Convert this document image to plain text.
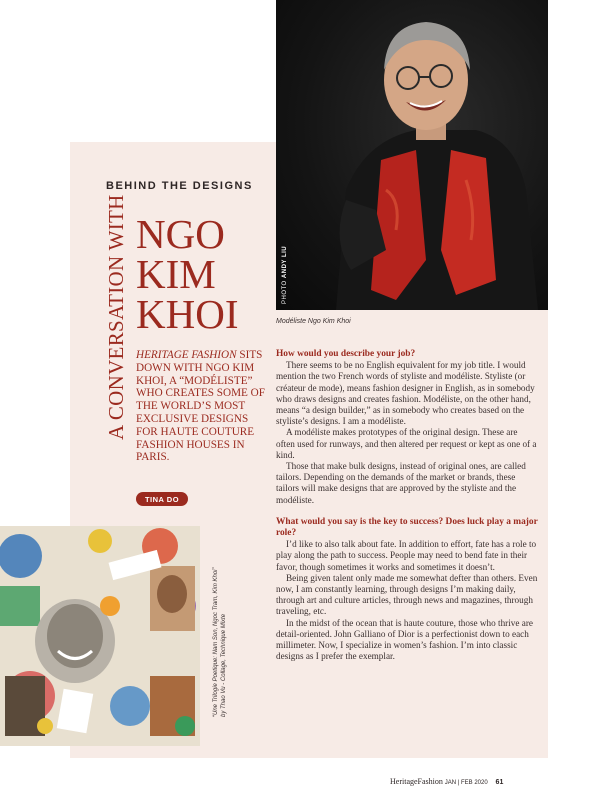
PHOTO ANDY LIU
Modéliste Ngo Kim Khoi
BEHIND THE DESIGNS
A CONVERSATION WITH NGO
KIM
KHOI
HERITAGE FASHION SITS DOWN WITH NGO KIM KHOI, A “MODÉLISTE” WHO CREATES SOME OF THE WORLD’S MOST EXCLUSIVE DESIGNS FOR HAUTE COUTURE FASHION HOUSES IN PARIS.
TINA DO
“Une Trilogie Poetique: Nam Son, Ngoc Tram, Kim Khoi” by Thao Vu - Collage, Technique Mixte
How would you describe your job?

There seems to be no English equivalent for my job title. I would mention the two French words of styliste and modéliste. Styliste (or créateur de mode), means fashion designer in English, as in somebody who draws designs and creates fashion. Modéliste, on the other hand, means “a design builder,” as in somebody who creates based on the styliste’s designs. I am a modéliste.

A modéliste makes prototypes of the original design. These are often used for runways, and then altered per request or kept as one of a kind.

Those that make bulk designs, instead of original ones, are called tailors. Depending on the demands of the market or brands, these tailors will make designs that are approved by the styliste and the modéliste.

What would you say is the key to success? Does luck play a major role?

I’d like to also talk about fate. In addition to effort, fate has a role to play along the path to success. People may need to bend fate in their favor, though sometimes it works and sometimes it doesn’t.

Being given talent only made me somewhat defter than others. Even now, I am constantly learning, through designs I’m making daily, through art and culture articles, through news and magazines, through traveling, etc.

In the midst of the ocean that is haute couture, those who thrive are detail-oriented. John Galliano of Dior is a perfectionist down to each millimeter. Now, I specialize in women’s fashion. I’m into classic designs as I prefer the exemplar.

HeritageFashion JAN | FEB 2020 61
